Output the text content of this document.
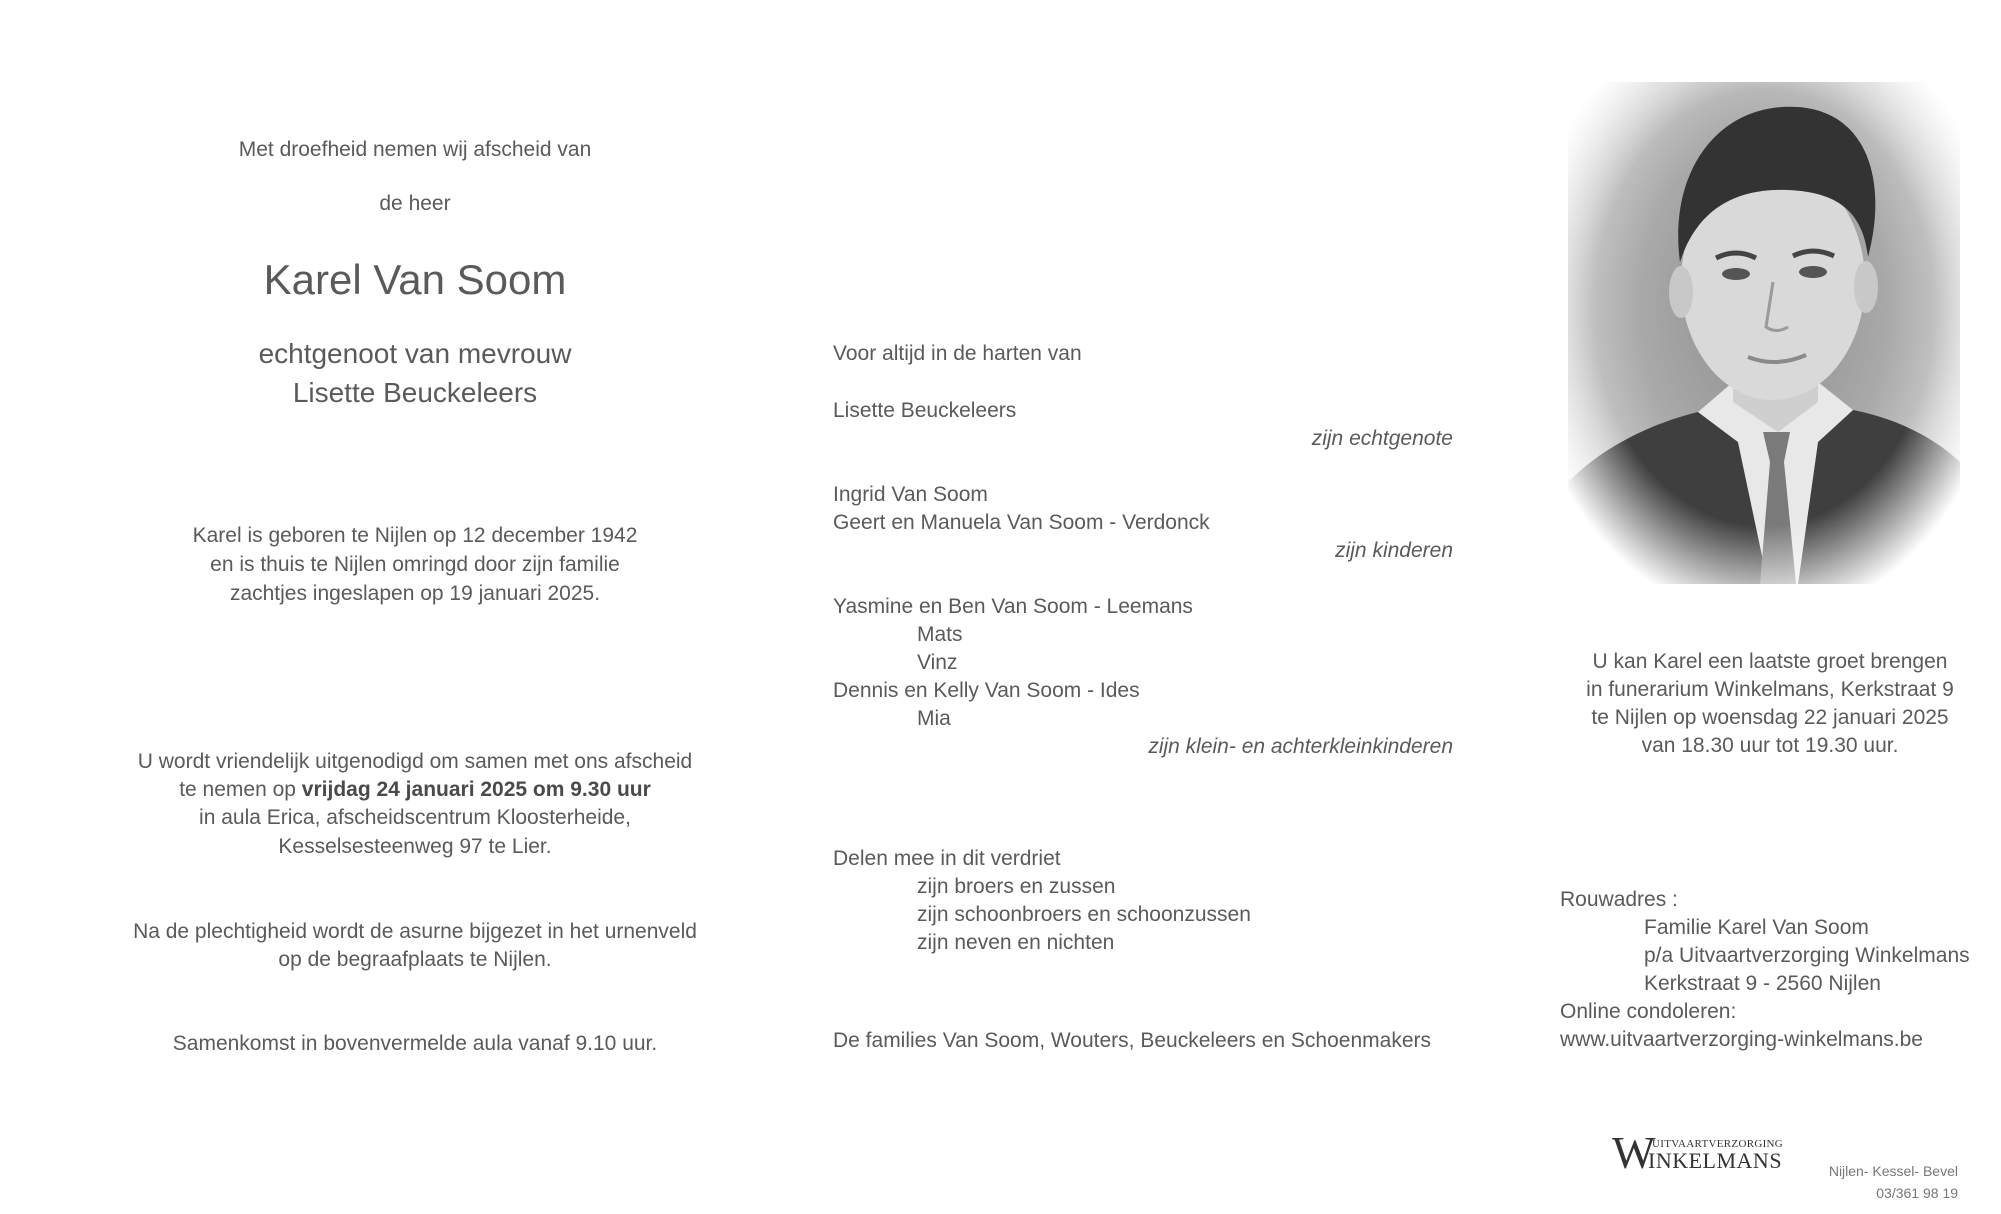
Met droefheid nemen wij afscheid van
de heer
Karel Van Soom
echtgenoot van mevrouw
Lisette Beuckeleers
Karel is geboren te Nijlen op 12 december 1942
en is thuis te Nijlen omringd door zijn familie
zachtjes ingeslapen op 19 januari 2025.
U wordt vriendelijk uitgenodigd om samen met ons afscheid
te nemen op vrijdag 24 januari 2025 om 9.30 uur
in aula Erica, afscheidscentrum Kloosterheide,
Kesselsesteenweg 97 te Lier.
Na de plechtigheid wordt de asurne bijgezet in het urnenveld
op de begraafplaats te Nijlen.
Samenkomst in bovenvermelde aula vanaf 9.10 uur.
Voor altijd in de harten van
Lisette Beuckeleers
zijn echtgenote
Ingrid Van Soom
Geert en Manuela Van Soom - Verdonck
zijn kinderen
Yasmine en Ben Van Soom - Leemans
Mats
Vinz
Dennis en Kelly Van Soom - Ides
Mia
zijn klein- en achterkleinkinderen
Delen mee in dit verdriet
zijn broers en zussen
zijn schoonbroers en schoonzussen
zijn neven en nichten
De families Van Soom, Wouters, Beuckeleers en Schoenmakers
U kan Karel een laatste groet brengen
in funerarium Winkelmans, Kerkstraat 9
te Nijlen op woensdag 22 januari 2025
van 18.30 uur tot 19.30 uur.
Rouwadres :
Familie Karel Van Soom
p/a Uitvaartverzorging Winkelmans
Kerkstraat 9 - 2560 Nijlen
Online condoleren:
www.uitvaartverzorging-winkelmans.be
W
UITVAARTVERZORGING
INKELMANS	Nijlen- Kessel- Bevel
03/361 98 19
